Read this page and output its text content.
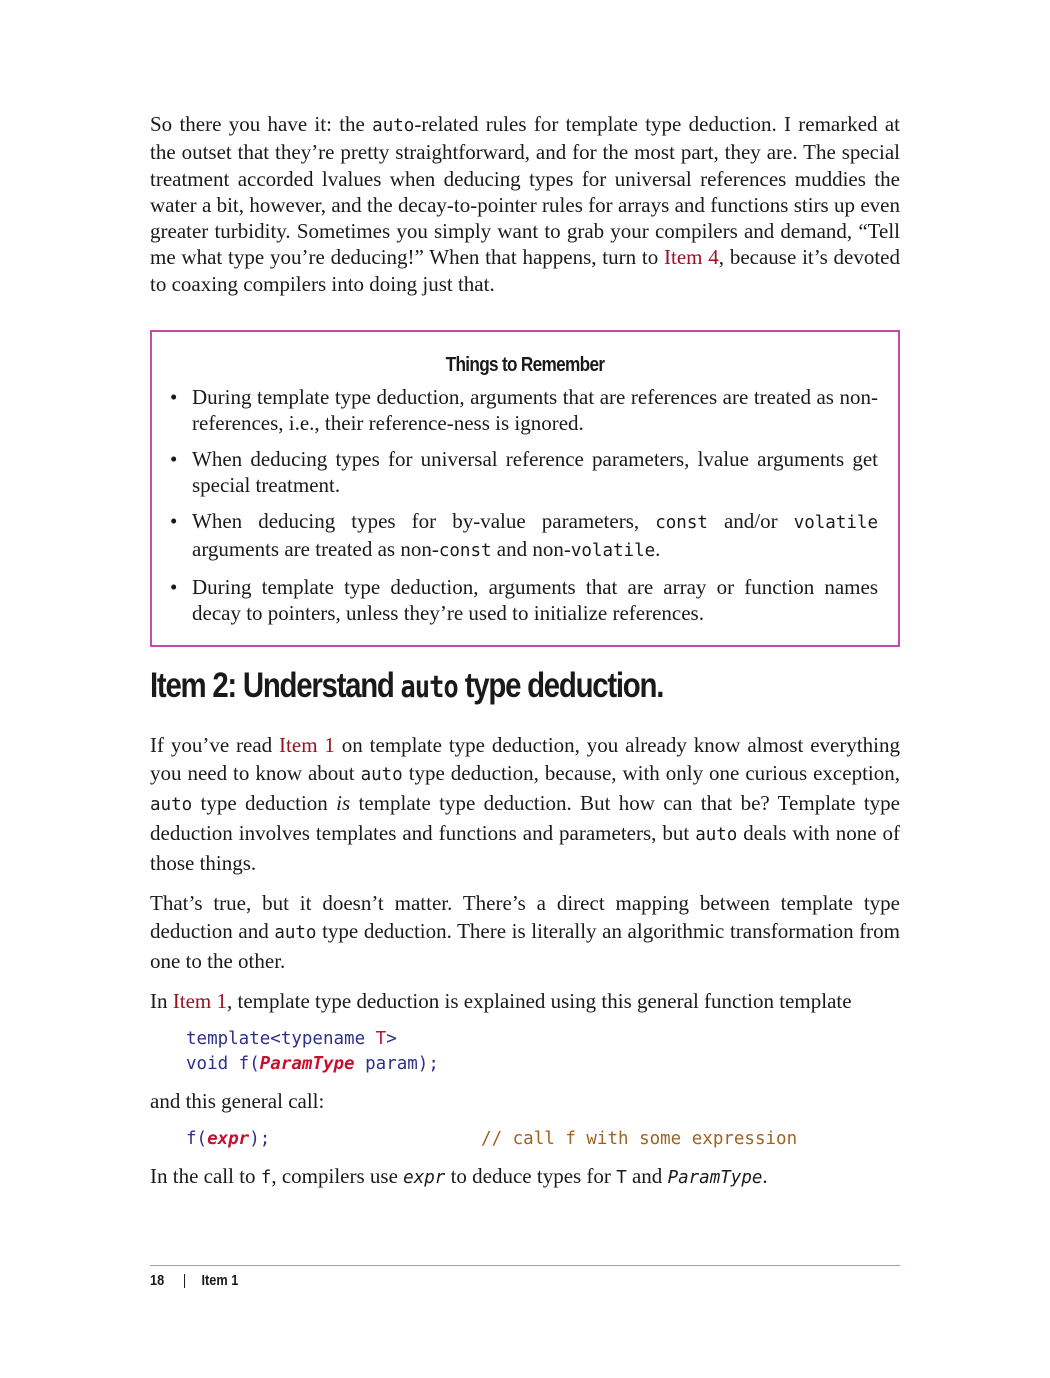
So there you have it: the auto-related rules for template type deduction. I remarked at the outset that they’re pretty straightforward, and for the most part, they are. The special treatment accorded lvalues when deducing types for universal references muddies the water a bit, however, and the decay-to-pointer rules for arrays and functions stirs up even greater turbidity. Sometimes you simply want to grab your compilers and demand, “Tell me what type you’re deducing!” When that happens, turn to Item 4, because it’s devoted to coaxing compilers into doing just that.

Things to Remember
• During template type deduction, arguments that are references are treated as non-references, i.e., their reference-ness is ignored.
• When deducing types for universal reference parameters, lvalue arguments get special treatment.
• When deducing types for by-value parameters, const and/or volatile arguments are treated as non-const and non-volatile.
• During template type deduction, arguments that are array or function names decay to pointers, unless they’re used to initialize references.
Item 2: Understand auto type deduction.

If you’ve read Item 1 on template type deduction, you already know almost everything you need to know about auto type deduction, because, with only one curious exception, auto type deduction is template type deduction. But how can that be? Template type deduction involves templates and functions and parameters, but auto deals with none of those things.

That’s true, but it doesn’t matter. There’s a direct mapping between template type deduction and auto type deduction. There is literally an algorithmic transformation from one to the other.

In Item 1, template type deduction is explained using this general function template

template<typename T>
void f(ParamType param);

and this general call:

f(expr);	// call f with some expression

In the call to f, compilers use expr to deduce types for T and ParamType.

18 | Item 1
